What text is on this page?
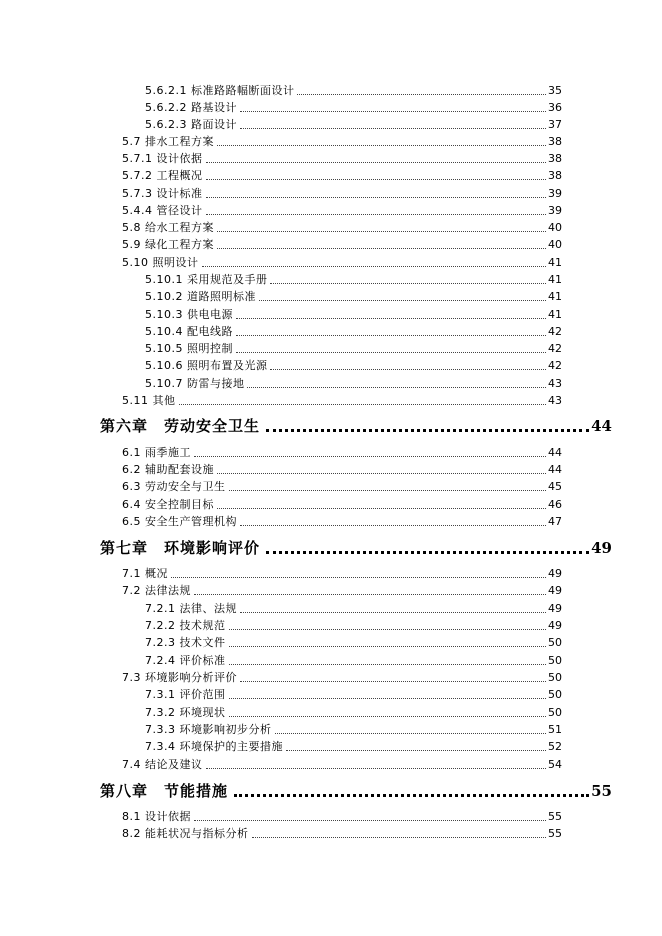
5.6.2.1 标准路路幅断面设计	35
5.6.2.2 路基设计	36
5.6.2.3 路面设计	37
5.7 排水工程方案	38
5.7.1 设计依据	38
5.7.2 工程概况	38
5.7.3 设计标准	39
5.4.4 管径设计	39
5.8 给水工程方案	40
5.9 绿化工程方案	40
5.10 照明设计	41
5.10.1 采用规范及手册	41
5.10.2 道路照明标准	41
5.10.3 供电电源	41
5.10.4 配电线路	42
5.10.5 照明控制	42
5.10.6 照明布置及光源	42
5.10.7 防雷与接地	43
5.11 其他	43
第六章　劳动安全卫生	44
6.1 雨季施工	44
6.2 辅助配套设施	44
6.3 劳动安全与卫生	45
6.4 安全控制目标	46
6.5 安全生产管理机构	47
第七章　环境影响评价	49
7.1 概况	49
7.2 法律法规	49
7.2.1 法律、法规	49
7.2.2 技术规范	49
7.2.3 技术文件	50
7.2.4 评价标准	50
7.3 环境影响分析评价	50
7.3.1 评价范围	50
7.3.2 环境现状	50
7.3.3 环境影响初步分析	51
7.3.4 环境保护的主要措施	52
7.4 结论及建议	54
第八章　节能措施	55
8.1 设计依据	55
8.2 能耗状况与指标分析	55
